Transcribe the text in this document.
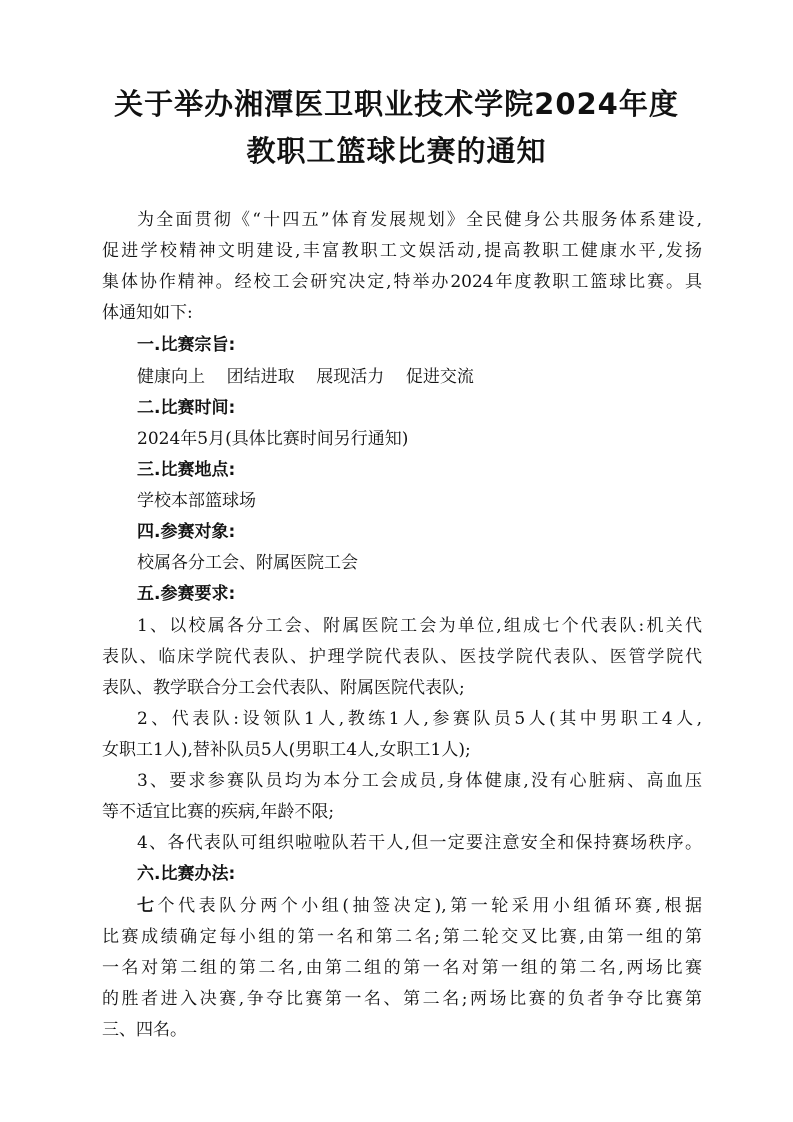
关于举办湘潭医卫职业技术学院2024年度
教职工篮球比赛的通知
为全面贯彻《“十四五”体育发展规划》全民健身公共服务体系建设,
促进学校精神文明建设,丰富教职工文娱活动,提高教职工健康水平,发扬
集体协作精神。经校工会研究决定,特举办2024年度教职工篮球比赛。具
体通知如下:
一.比赛宗旨:
健康向上    团结进取    展现活力    促进交流
二.比赛时间:
2024年5月(具体比赛时间另行通知)
三.比赛地点:
学校本部篮球场
四.参赛对象:
校属各分工会、附属医院工会
五.参赛要求:
1、以校属各分工会、附属医院工会为单位,组成七个代表队:机关代
表队、临床学院代表队、护理学院代表队、医技学院代表队、医管学院代
表队、教学联合分工会代表队、附属医院代表队;
2、代表队:设领队1人,教练1人,参赛队员5人(其中男职工4人,
女职工1人),替补队员5人(男职工4人,女职工1人);
3、要求参赛队员均为本分工会成员,身体健康,没有心脏病、高血压
等不适宜比赛的疾病,年龄不限;
4、各代表队可组织啦啦队若干人,但一定要注意安全和保持赛场秩序。
六.比赛办法:
七个代表队分两个小组(抽签决定),第一轮采用小组循环赛,根据
比赛成绩确定每小组的第一名和第二名;第二轮交叉比赛,由第一组的第
一名对第二组的第二名,由第二组的第一名对第一组的第二名,两场比赛
的胜者进入决赛,争夺比赛第一名、第二名;两场比赛的负者争夺比赛第
三、四名。
